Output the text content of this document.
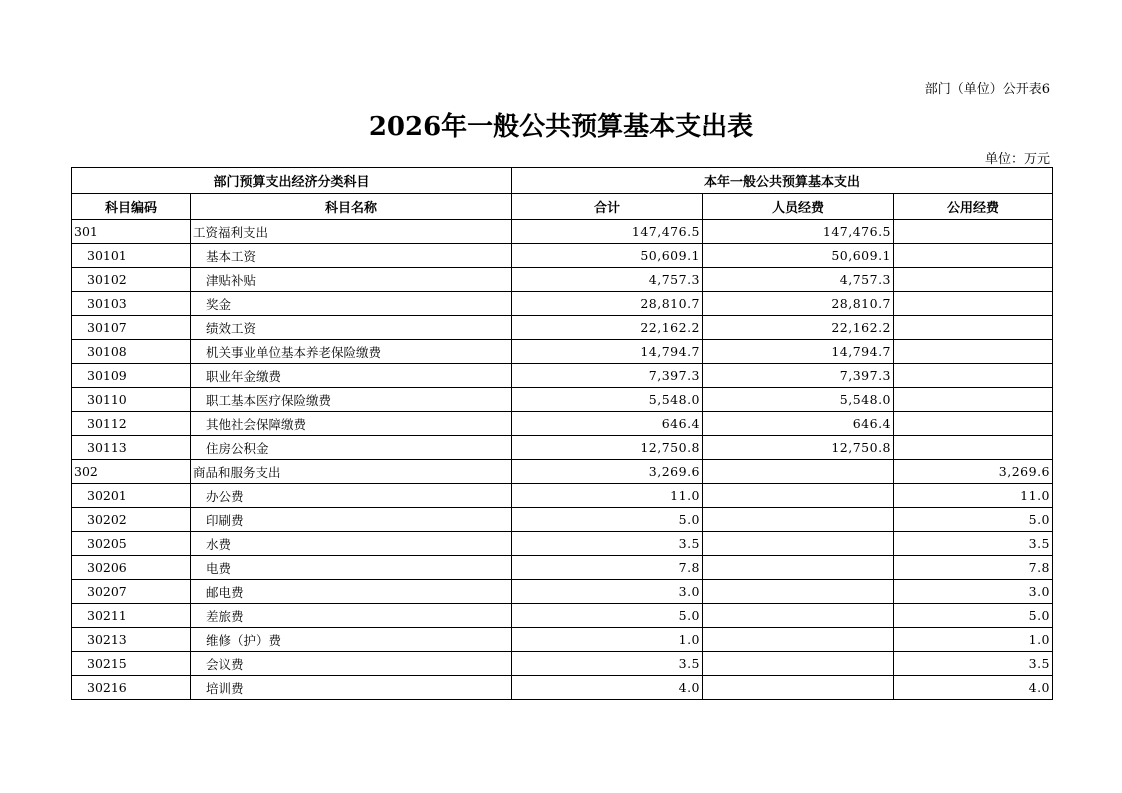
部门（单位）公开表6
2026年一般公共预算基本支出表
单位：万元
部门预算支出经济分类科目		本年一般公共预算基本支出		
科目编码	科目名称	合计	人员经费	公用经费
301	工资福利支出	147,476.5	147,476.5	
30101	基本工资	50,609.1	50,609.1	
30102	津贴补贴	4,757.3	4,757.3	
30103	奖金	28,810.7	28,810.7	
30107	绩效工资	22,162.2	22,162.2	
30108	机关事业单位基本养老保险缴费	14,794.7	14,794.7	
30109	职业年金缴费	7,397.3	7,397.3	
30110	职工基本医疗保险缴费	5,548.0	5,548.0	
30112	其他社会保障缴费	646.4	646.4	
30113	住房公积金	12,750.8	12,750.8	
302	商品和服务支出	3,269.6		3,269.6
30201	办公费	11.0		11.0
30202	印刷费	5.0		5.0
30205	水费	3.5		3.5
30206	电费	7.8		7.8
30207	邮电费	3.0		3.0
30211	差旅费	5.0		5.0
30213	维修（护）费	1.0		1.0
30215	会议费	3.5		3.5
30216	培训费	4.0		4.0
